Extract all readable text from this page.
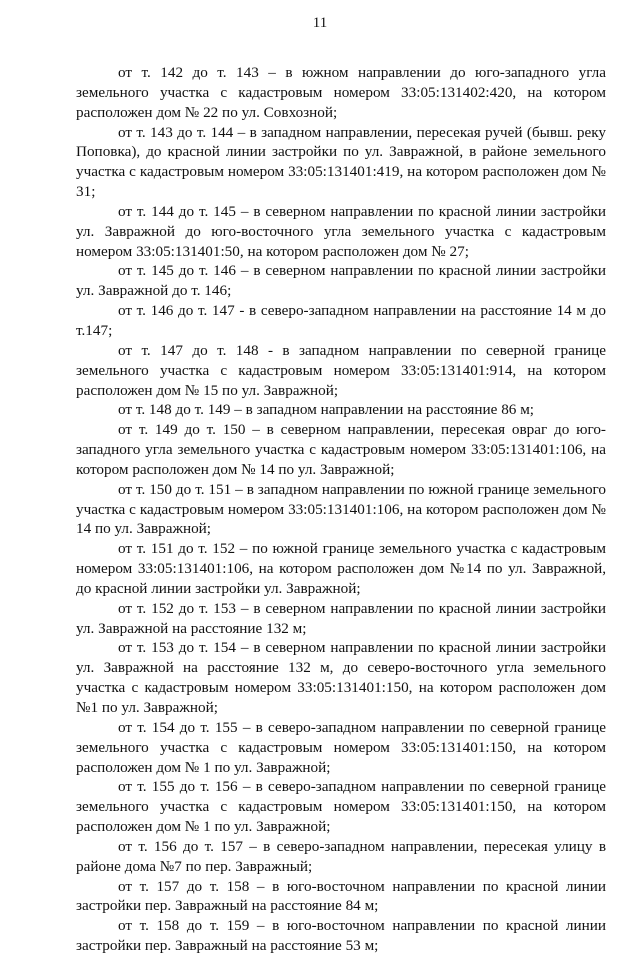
11

от т. 142 до т. 143 – в южном направлении до юго-западного угла земельного участка с кадастровым номером 33:05:131402:420, на котором расположен дом № 22 по ул. Совхозной;

от т. 143 до т. 144 – в западном направлении, пересекая ручей (бывш. реку Поповка), до красной линии застройки по ул. Завражной, в районе земельного участка с кадастровым номером 33:05:131401:419, на котором расположен дом № 31;

от т. 144 до т. 145 – в северном направлении по красной линии застройки ул. Завражной до юго-восточного угла земельного участка с кадастровым номером 33:05:131401:50, на котором расположен дом № 27;

от т. 145 до т. 146 – в северном направлении по красной линии застройки ул. Завражной до т. 146;

от т. 146 до т. 147 - в северо-западном направлении на расстояние 14 м до т.147;

от т. 147 до т. 148 - в западном направлении по северной границе земельного участка с кадастровым номером 33:05:131401:914, на котором расположен дом № 15 по ул. Завражной;

от т. 148 до т. 149 – в западном направлении на расстояние 86 м;

от т. 149 до т. 150 – в северном направлении, пересекая овраг до юго-западного угла земельного участка с кадастровым номером 33:05:131401:106, на котором расположен дом № 14 по ул. Завражной;

от т. 150 до т. 151 – в западном направлении по южной границе земельного участка с кадастровым номером 33:05:131401:106, на котором расположен дом № 14 по ул. Завражной;

от т. 151 до т. 152 – по южной границе земельного участка с кадастровым номером 33:05:131401:106, на котором расположен дом №14 по ул. Завражной, до красной линии застройки ул. Завражной;

от т. 152 до т. 153 – в северном направлении по красной линии застройки ул. Завражной на расстояние 132 м;

от т. 153 до т. 154 – в северном направлении по красной линии застройки ул. Завражной на расстояние 132 м, до северо-восточного угла земельного участка с кадастровым номером 33:05:131401:150, на котором расположен дом №1 по ул. Завражной;

от т. 154 до т. 155 – в северо-западном направлении по северной границе земельного участка с кадастровым номером 33:05:131401:150, на котором расположен дом № 1 по ул. Завражной;

от т. 155 до т. 156 – в северо-западном направлении по северной границе земельного участка с кадастровым номером 33:05:131401:150, на котором расположен дом № 1 по ул. Завражной;

от т. 156 до т. 157 – в северо-западном направлении, пересекая улицу в районе дома №7 по пер. Завражный;

от т. 157 до т. 158 – в юго-восточном направлении по красной линии застройки пер. Завражный на расстояние 84 м;

от т. 158 до т. 159 – в юго-восточном направлении по красной линии застройки пер. Завражный на расстояние 53 м;
